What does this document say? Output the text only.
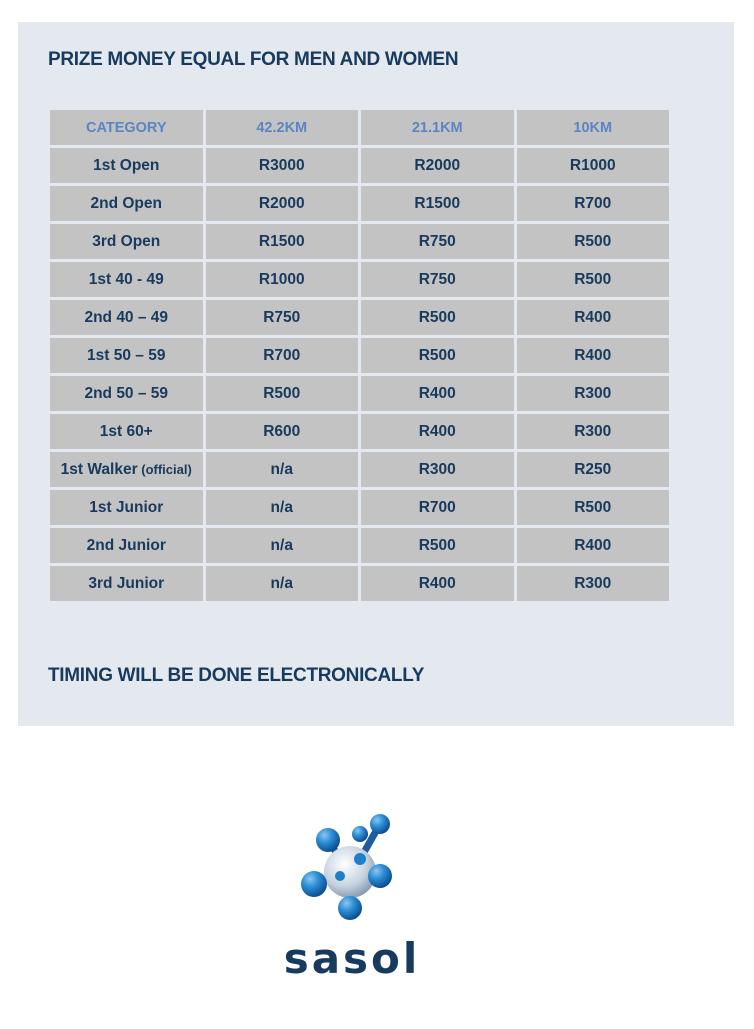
PRIZE MONEY EQUAL FOR MEN AND WOMEN
CATEGORY	42.2KM	21.1KM	10KM
1st Open	R3000	R2000	R1000
2nd Open	R2000	R1500	R700
3rd Open	R1500	R750	R500
1st 40 - 49	R1000	R750	R500
2nd 40 – 49	R750	R500	R400
1st 50 – 59	R700	R500	R400
2nd 50 – 59	R500	R400	R300
1st 60+	R600	R400	R300
1st Walker (official)	n/a	R300	R250
1st Junior	n/a	R700	R500
2nd Junior	n/a	R500	R400
3rd Junior	n/a	R400	R300
TIMING WILL BE DONE ELECTRONICALLY
sasol
